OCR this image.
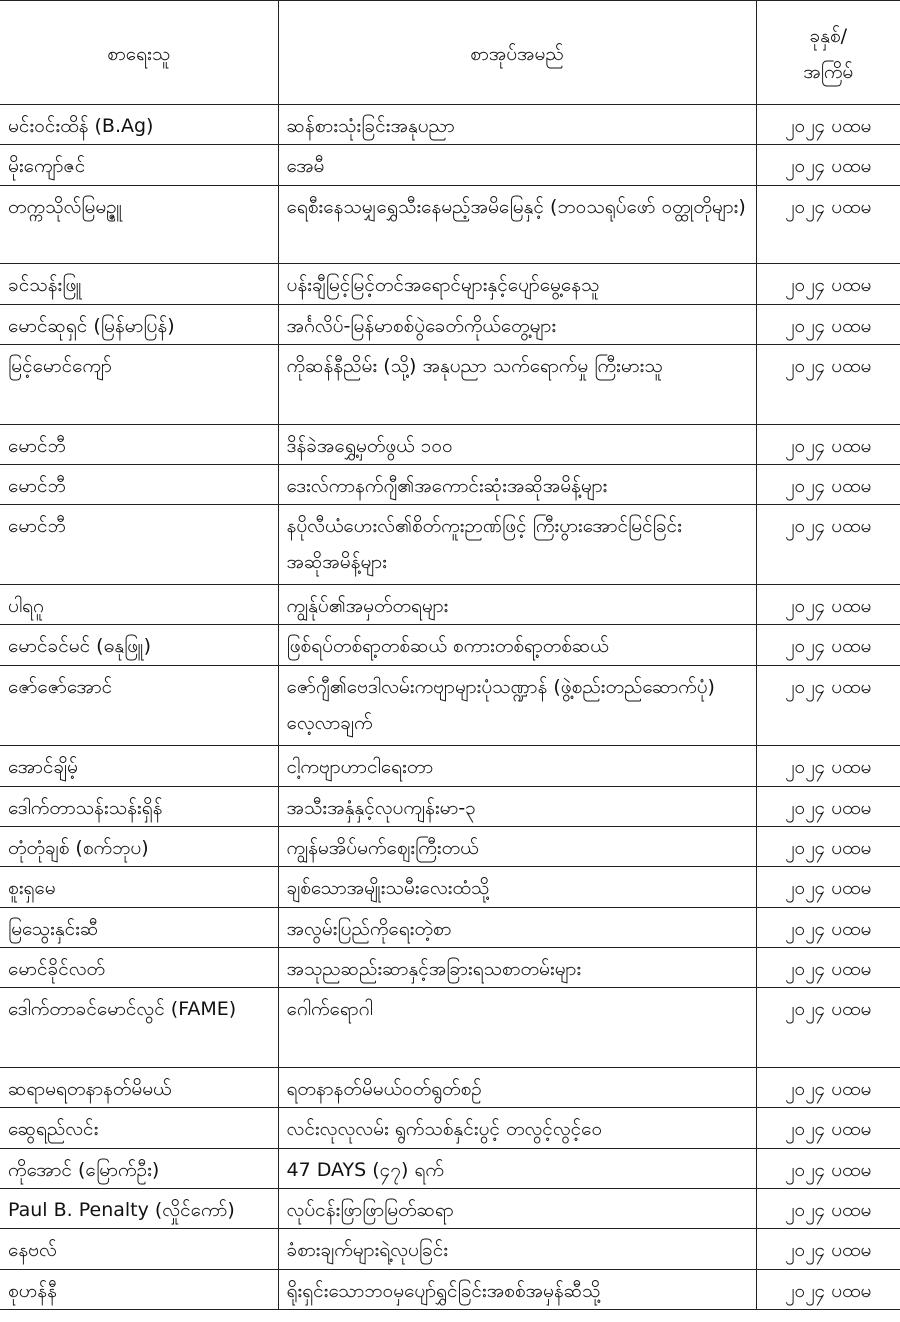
စာရေးသူ	စာအုပ်အမည်	ခုနှစ်/
အကြိမ်
မင်းဝင်းထိန် (B.Ag)	ဆန်စားသုံးခြင်းအနုပညာ	၂၀၂၄ ပထမ
မိုးကျော်ဇင်	အေမီ	၂၀၂၄ ပထမ
တက္ကသိုလ်မြမဥ္ဇူ	ရေစီးနေသမျှရွှေသီးနေမည့်အမိမြေနှင့် (ဘဝသရုပ်ဖော် ဝတ္ထုတိုများ)	၂၀၂၄ ပထမ
ခင်သန်းဖြူ	ပန်းချီမြင့်မြင့်တင်အရောင်များနှင့်ပျော်မွေ့နေသူ	၂၀၂၄ ပထမ
မောင်ဆုရှင် (မြန်မာပြန်)	အင်္ဂလိပ်-မြန်မာစစ်ပွဲခေတ်ကိုယ်တွေ့များ	၂၀၂၄ ပထမ
မြင့်မောင်ကျော်	ကိုဆန်နီညိမ်း (သို့) အနုပညာ သက်ရောက်မှု ကြီးမားသူ	၂၀၂၄ ပထမ
မောင်ဘီ	ဒိန်ခဲအရွှေ့မှတ်ဖွယ် ၁၀၀	၂၀၂၄ ပထမ
မောင်ဘီ	ဒေးလ်ကာနက်ဂျီ၏အကောင်းဆုံးအဆိုအမိန့်များ	၂၀၂၄ ပထမ
မောင်ဘီ	နပိုလီယံဟေးလ်၏စိတ်ကူးဉာဏ်ဖြင့် ကြီးပွားအောင်မြင်ခြင်း အဆိုအမိန့်များ	၂၀၂၄ ပထမ
ပါရဂူ	ကျွန်ုပ်၏အမှတ်တရများ	၂၀၂၄ ပထမ
မောင်ခင်မင် (ဓနုဖြူ)	ဖြစ်ရပ်တစ်ရာ့တစ်ဆယ် စကားတစ်ရာ့တစ်ဆယ်	၂၀၂၄ ပထမ
ဇော်ဇော်အောင်	ဇော်ဂျီ၏ဗေဒါလမ်းကဗျာများပုံသဏ္ဍာန် (ဖွဲ့စည်းတည်ဆောက်ပုံ) လေ့လာချက်	၂၀၂၄ ပထမ
အောင်ချိမ့်	ငါ့ကဗျာဟာငါရေးတာ	၂၀၂၄ ပထမ
ဒေါက်တာသန်းသန်းရှိန်	အသီးအနှံနှင့်လုပကျန်းမာ-၃	၂၀၂၄ ပထမ
တုံတုံချစ် (စက်ဘုပ)	ကျွန်မအိပ်မက်ဈေးကြီးတယ်	၂၀၂၄ ပထမ
စူးရှမေ	ချစ်သောအမျိုးသမီးလေးထံသို့	၂၀၂၄ ပထမ
မြသွေးနှင်းဆီ	အလွမ်းပြည်ကိုရေးတဲ့စာ	၂၀၂၄ ပထမ
မောင်ခိုင်လတ်	အသုညဆည်းဆာနှင့်အခြားရသစာတမ်းများ	၂၀၂၄ ပထမ
ဒေါက်တာခင်မောင်လွင် (FAME)	ဂေါက်ရောဂါ	၂၀၂၄ ပထမ
ဆရာမရတနာနတ်မိမယ်	ရတနာနတ်မိမယ်ဝတ်ရွတ်စဉ်	၂၀၂၄ ပထမ
ဆွေရည်လင်း	လင်းလုလုလမ်း ရွက်သစ်နှင်းပွင့် တလွင့်လွင့်ဝေ	၂၀၂၄ ပထမ
ကိုအောင် (မြောက်ဦး)	47 DAYS (၄၇) ရက်	၂၀၂၄ ပထမ
Paul B. Penalty (လှိုင်ကော်)	လုပ်ငန်းဖြာဖြာမြတ်ဆရာ	၂၀၂၄ ပထမ
နေဗလ်	ခံစားချက်များရဲ့လုပခြင်း	၂၀၂၄ ပထမ
စုဟန်နီ	ရိုးရှင်းသောဘဝမှပျော်ရွှင်ခြင်းအစစ်အမှန်ဆီသို့	၂၀၂၄ ပထမ
